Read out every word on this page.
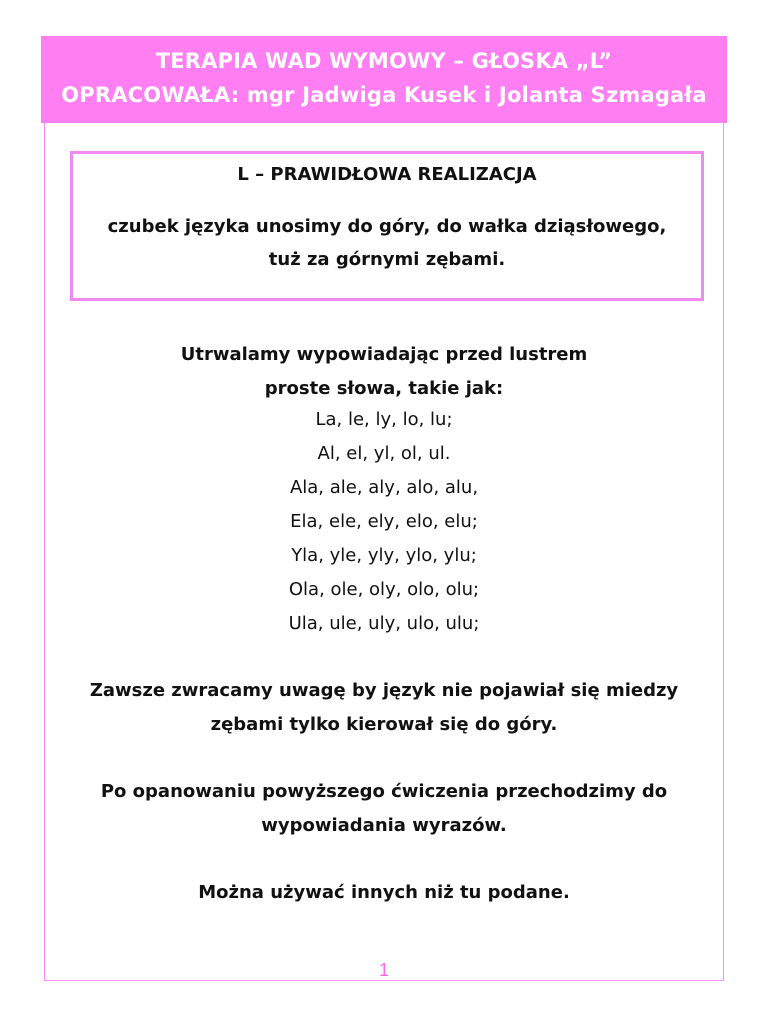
TERAPIA WAD WYMOWY – GŁOSKA „L”
OPRACOWAŁA: mgr Jadwiga Kusek i Jolanta Szmagała
L – PRAWIDŁOWA REALIZACJA
czubek języka unosimy do góry, do wałka dziąsłowego,
tuż za górnymi zębami.
Utrwalamy wypowiadając przed lustrem
proste słowa, takie jak:
La, le, ly, lo, lu;
Al, el, yl, ol, ul.
Ala, ale, aly, alo, alu,
Ela, ele, ely, elo, elu;
Yla, yle, yly, ylo, ylu;
Ola, ole, oly, olo, olu;
Ula, ule, uly, ulo, ulu;
Zawsze zwracamy uwagę by język nie pojawiał się miedzy
zębami tylko kierował się do góry.
Po opanowaniu powyższego ćwiczenia przechodzimy do
wypowiadania wyrazów.
Można używać innych niż tu podane.
1
